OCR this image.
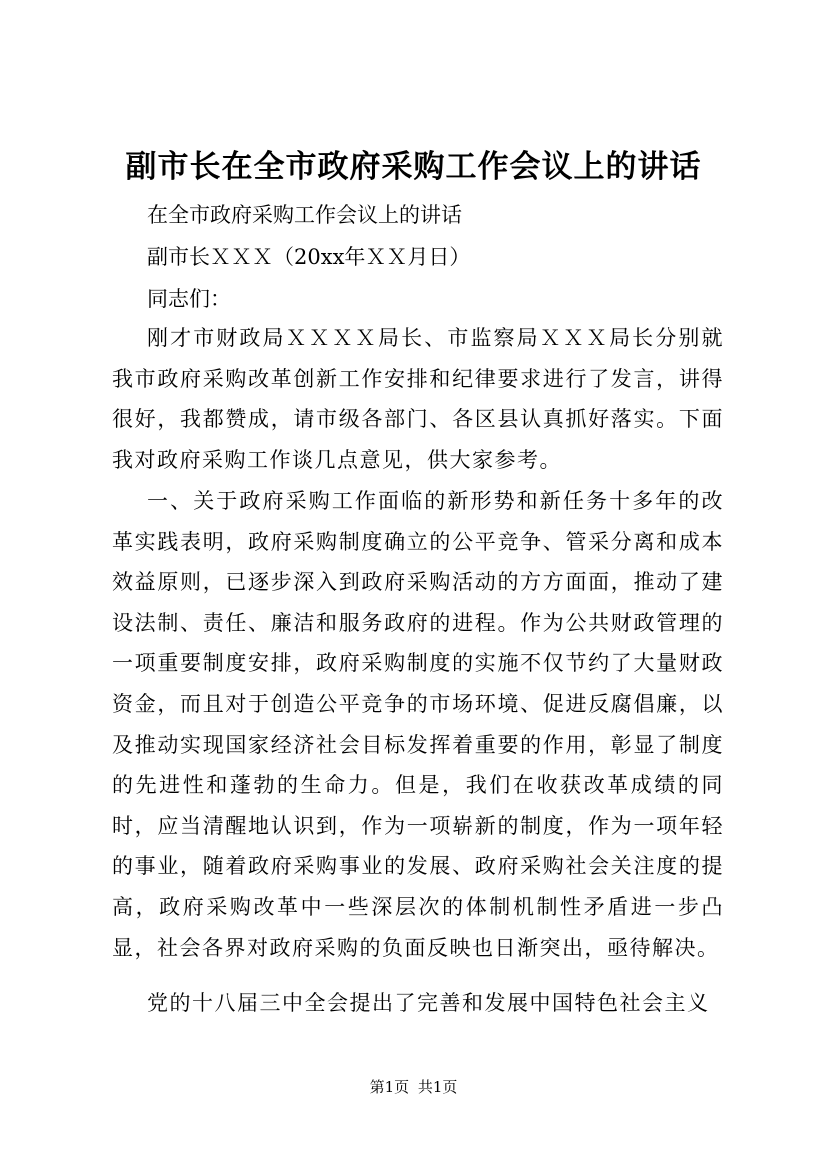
副市长在全市政府采购工作会议上的讲话

在全市政府采购工作会议上的讲话

副市长ＸＸＸ（20xx年ＸＸ月日）

同志们：

刚才市财政局ＸＸＸＸ局长、市监察局ＸＸＸ局长分别就我市政府采购改革创新工作安排和纪律要求进行了发言，讲得很好，我都赞成，请市级各部门、各区县认真抓好落实。下面我对政府采购工作谈几点意见，供大家参考。

一、关于政府采购工作面临的新形势和新任务十多年的改革实践表明，政府采购制度确立的公平竞争、管采分离和成本效益原则，已逐步深入到政府采购活动的方方面面，推动了建设法制、责任、廉洁和服务政府的进程。作为公共财政管理的一项重要制度安排，政府采购制度的实施不仅节约了大量财政资金，而且对于创造公平竞争的市场环境、促进反腐倡廉，以及推动实现国家经济社会目标发挥着重要的作用，彰显了制度的先进性和蓬勃的生命力。但是，我们在收获改革成绩的同时，应当清醒地认识到，作为一项崭新的制度，作为一项年轻的事业，随着政府采购事业的发展、政府采购社会关注度的提高，政府采购改革中一些深层次的体制机制性矛盾进一步凸显，社会各界对政府采购的负面反映也日渐突出，亟待解决。

党的十八届三中全会提出了完善和发展中国特色社会主义

第1页 共1页
